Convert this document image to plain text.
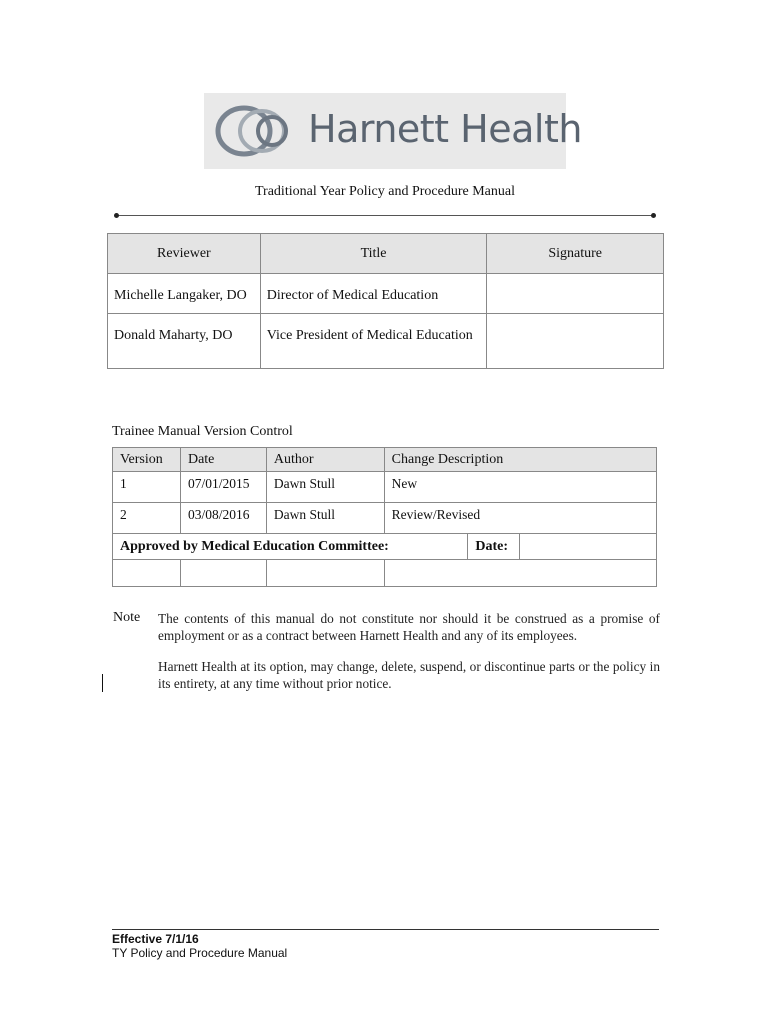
Harnett Health
Traditional Year Policy and Procedure Manual
Reviewer	Title	Signature
Michelle Langaker, DO	Director of Medical Education	
Donald Maharty, DO	Vice President of Medical Education	
Trainee Manual Version Control
Version	Date	Author	Change Description		
1	07/01/2015	Dawn Stull	New		
2	03/08/2016	Dawn Stull	Review/Revised		
Approved by Medical Education Committee:				Date:	

Note The contents of this manual do not constitute nor should it be construed as a promise of employment or as a contract between Harnett Health and any of its employees.
Harnett Health at its option, may change, delete, suspend, or discontinue parts or the policy in its entirety, at any time without prior notice.
Effective 7/1/16
TY Policy and Procedure Manual
